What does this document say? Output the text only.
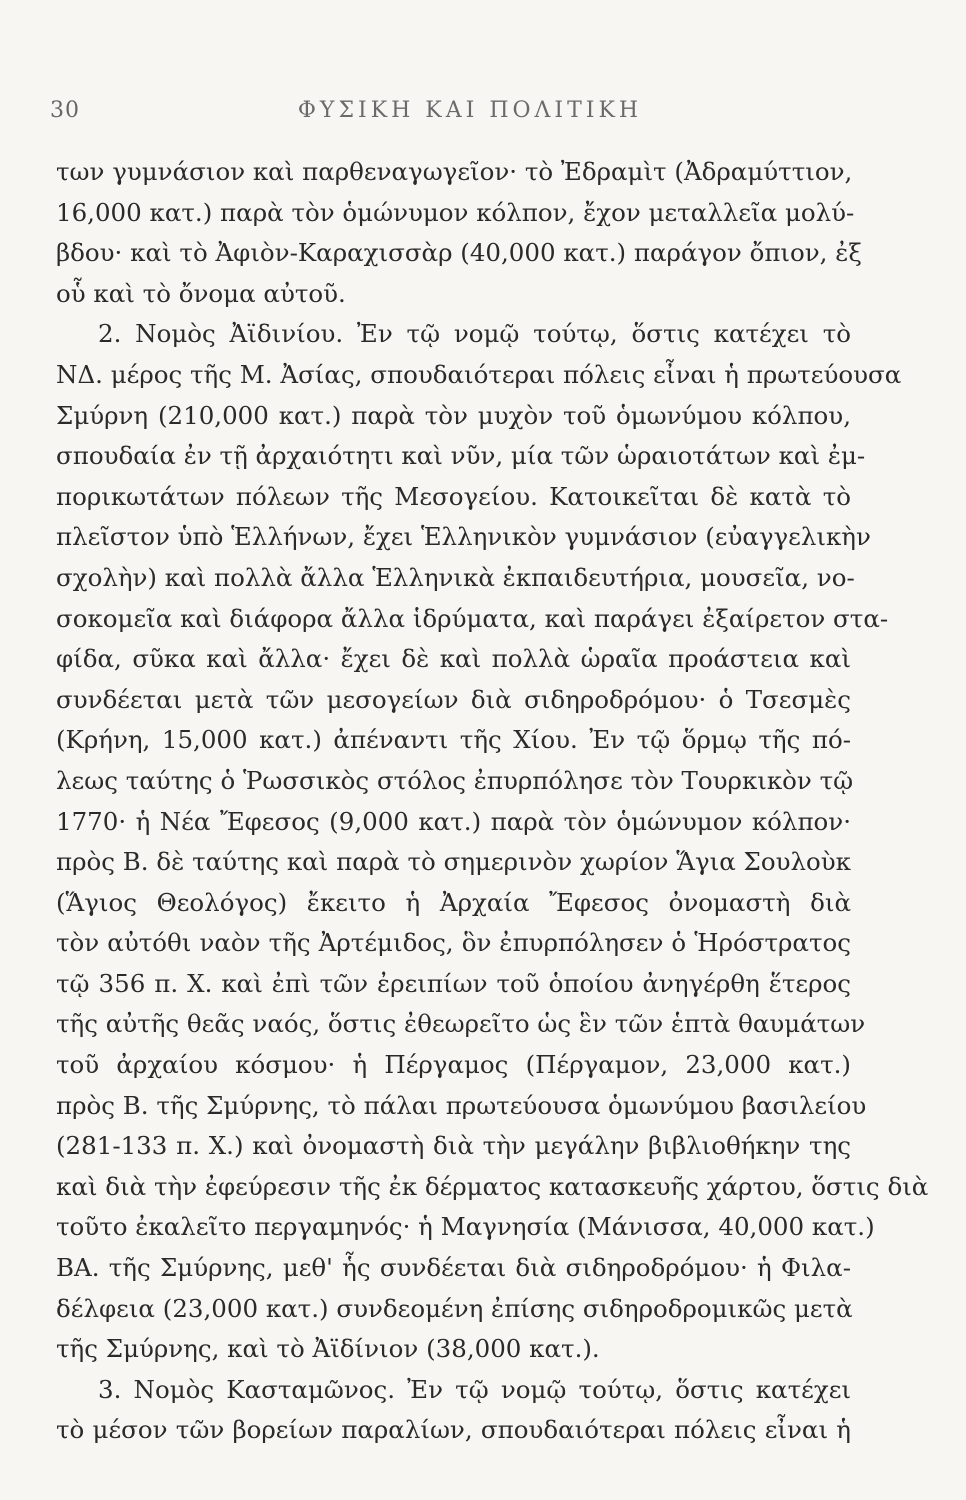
30	ΦΥΣΙΚΗ ΚΑΙ ΠΟΛΙΤΙΚΗ
των γυμνάσιον καὶ παρθεναγωγεῖον· τὸ Ἐδραμὶτ (Ἀδραμύττιον,
16,000 κατ.) παρὰ τὸν ὁμώνυμον κόλπον, ἔχον μεταλλεῖα μολύ-
βδου· καὶ τὸ Ἀφιὸν-Καραχισσὰρ (40,000 κατ.) παράγον ὄπιον, ἐξ
οὗ καὶ τὸ ὄνομα αὐτοῦ.
2. Νομὸς Ἀϊδινίου. Ἐν τῷ νομῷ τούτῳ, ὅστις κατέχει τὸ
ΝΔ. μέρος τῆς Μ. Ἀσίας, σπουδαιότεραι πόλεις εἶναι ἡ πρωτεύουσα
Σμύρνη (210,000 κατ.) παρὰ τὸν μυχὸν τοῦ ὁμωνύμου κόλπου,
σπουδαία ἐν τῇ ἀρχαιότητι καὶ νῦν, μία τῶν ὡραιοτάτων καὶ ἐμ-
πορικωτάτων πόλεων τῆς Μεσογείου. Κατοικεῖται δὲ κατὰ τὸ
πλεῖστον ὑπὸ Ἑλλήνων, ἔχει Ἑλληνικὸν γυμνάσιον (εὐαγγελικὴν
σχολὴν) καὶ πολλὰ ἄλλα Ἑλληνικὰ ἐκπαιδευτήρια, μουσεῖα, νο-
σοκομεῖα καὶ διάφορα ἄλλα ἱδρύματα, καὶ παράγει ἐξαίρετον στα-
φίδα, σῦκα καὶ ἄλλα· ἔχει δὲ καὶ πολλὰ ὡραῖα προάστεια καὶ
συνδέεται μετὰ τῶν μεσογείων διὰ σιδηροδρόμου· ὁ Τσεσμὲς
(Κρήνη, 15,000 κατ.) ἀπέναντι τῆς Χίου. Ἐν τῷ ὅρμῳ τῆς πό-
λεως ταύτης ὁ Ῥωσσικὸς στόλος ἐπυρπόλησε τὸν Τουρκικὸν τῷ
1770· ἡ Νέα Ἔφεσος (9,000 κατ.) παρὰ τὸν ὁμώνυμον κόλπον·
πρὸς Β. δὲ ταύτης καὶ παρὰ τὸ σημερινὸν χωρίον Ἅγια Σουλοὺκ
(Ἅγιος Θεολόγος) ἔκειτο ἡ Ἀρχαία Ἔφεσος ὀνομαστὴ διὰ
τὸν αὐτόθι ναὸν τῆς Ἀρτέμιδος, ὃν ἐπυρπόλησεν ὁ Ἡρόστρατος
τῷ 356 π. Χ. καὶ ἐπὶ τῶν ἐρειπίων τοῦ ὁποίου ἀνηγέρθη ἕτερος
τῆς αὐτῆς θεᾶς ναός, ὅστις ἐθεωρεῖτο ὡς ἓν τῶν ἑπτὰ θαυμάτων
τοῦ ἀρχαίου κόσμου· ἡ Πέργαμος (Πέργαμον, 23,000 κατ.)
πρὸς Β. τῆς Σμύρνης, τὸ πάλαι πρωτεύουσα ὁμωνύμου βασιλείου
(281-133 π. Χ.) καὶ ὀνομαστὴ διὰ τὴν μεγάλην βιβλιοθήκην της
καὶ διὰ τὴν ἐφεύρεσιν τῆς ἐκ δέρματος κατασκευῆς χάρτου, ὅστις διὰ
τοῦτο ἐκαλεῖτο περγαμηνός· ἡ Μαγνησία (Μάνισσα, 40,000 κατ.)
ΒΑ. τῆς Σμύρνης, μεθ' ἧς συνδέεται διὰ σιδηροδρόμου· ἡ Φιλα-
δέλφεια (23,000 κατ.) συνδεομένη ἐπίσης σιδηροδρομικῶς μετὰ
τῆς Σμύρνης, καὶ τὸ Ἀϊδίνιον (38,000 κατ.).
3. Νομὸς Κασταμῶνος. Ἐν τῷ νομῷ τούτῳ, ὅστις κατέχει
τὸ μέσον τῶν βορείων παραλίων, σπουδαιότεραι πόλεις εἶναι ἡ
